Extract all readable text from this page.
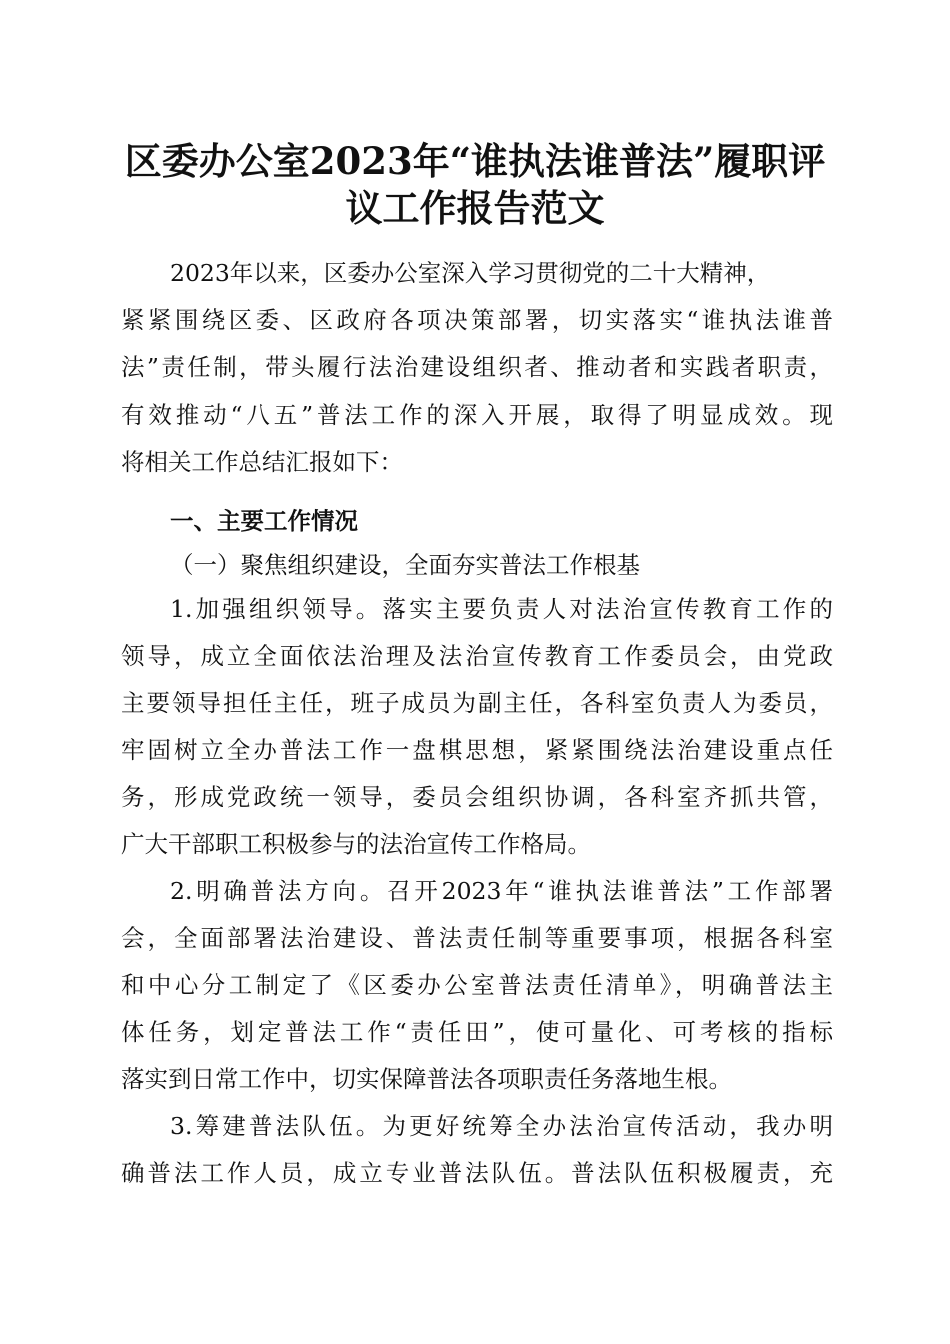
区委办公室2023年“谁执法谁普法”履职评
议工作报告范文

2023年以来，区委办公室深入学习贯彻党的二十大精神，

紧紧围绕区委、区政府各项决策部署，切实落实“谁执法谁普

法”责任制，带头履行法治建设组织者、推动者和实践者职责，

有效推动“八五”普法工作的深入开展，取得了明显成效。现

将相关工作总结汇报如下：

一、主要工作情况

（一）聚焦组织建设，全面夯实普法工作根基

1.加强组织领导。落实主要负责人对法治宣传教育工作的

领导，成立全面依法治理及法治宣传教育工作委员会，由党政

主要领导担任主任，班子成员为副主任，各科室负责人为委员，

牢固树立全办普法工作一盘棋思想，紧紧围绕法治建设重点任

务，形成党政统一领导，委员会组织协调，各科室齐抓共管，

广大干部职工积极参与的法治宣传工作格局。

2.明确普法方向。召开2023年“谁执法谁普法”工作部署

会，全面部署法治建设、普法责任制等重要事项，根据各科室

和中心分工制定了《区委办公室普法责任清单》，明确普法主

体任务，划定普法工作“责任田”，使可量化、可考核的指标

落实到日常工作中，切实保障普法各项职责任务落地生根。

3.筹建普法队伍。为更好统筹全办法治宣传活动，我办明

确普法工作人员，成立专业普法队伍。普法队伍积极履责，充
